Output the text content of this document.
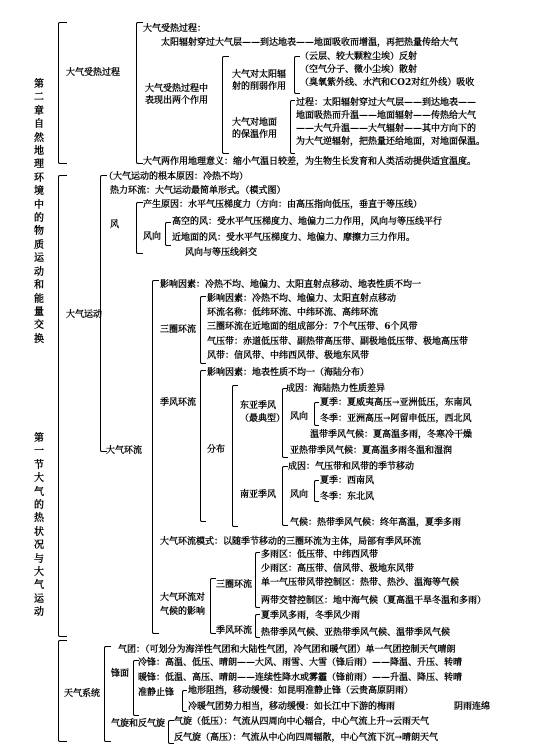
第二章自然地理环境中的物质运动和能量交换
第一节大气的热状况与大气运动
大气受热过程
大气运动
天气系统
大气受热过程：
太阳辐射穿过大气层——到达地表——地面吸收而增温，再把热量传给大气
大气受热过程中
表现出两个作用
大气对太阳辐
射的削弱作用
（云层、较大颗粒尘埃）反射
（空气分子、微小尘埃）散射
（臭氧紫外线、水汽和CO2对红外线）吸收
大气对地面
的保温作用
过程：太阳辐射穿过大气层——到达地表——
地面吸热而升温——地面辐射——传热给大气
——大气升温——大气辐射——其中方向下的
为大气逆辐射，把热量还给地面，对地面保温。
大气两作用地理意义：缩小气温日较差，为生物生长发育和人类活动提供适宜温度。
（大气运动的根本原因：冷热不均）
热力环流：大气运动最简单形式。（模式图）
风
产生原因：水平气压梯度力（方向：由高压指向低压，垂直于等压线）
风向
高空的风：受水平气压梯度力、地偏力二力作用，风向与等压线平行
近地面的风：受水平气压梯度力、地偏力、摩擦力三力作用。
风向与等压线斜交
大气环流
影响因素：冷热不均、地偏力、太阳直射点移动、地表性质不均一
三圈环流
影响因素：冷热不均、地偏力、太阳直射点移动
环流名称：低纬环流、中纬环流、高纬环流
三圈环流在近地面的组成部分：7个气压带、6个风带
气压带：赤道低压带、副热带高压带、副极地低压带、极地高压带
风带：信风带、中纬西风带、极地东风带
季风环流
影响因素：地表性质不均一（海陆分布）
分布
东亚季风
（最典型）
成因：海陆热力性质差异
风向
夏季：夏威夷高压→亚洲低压，东南风
冬季：亚洲高压→阿留申低压，西北风
温带季风气候：夏高温多雨，冬寒冷干燥
亚热带季风气候：夏高温多雨冬温和湿润
南亚季风
成因：气压带和风带的季节移动
风向
夏季：西南风
冬季：东北风
气候：热带季风气候：终年高温，夏季多雨
大气环流模式：以随季节移动的三圈环流为主体，局部有季风环流
大气环流对
气候的影响
三圈环流
多雨区：低压带、中纬西风带
少雨区：高压带、信风带、极地东风带
单一气压带风带控制区：热带、热沙、温海等气候
两带交替控制区：地中海气候（夏高温干旱冬温和多雨）
季风环流
夏季风多雨，冬季风少雨
热带季风气候、亚热带季风气候、温带季风气候
锋面
气团：（可划分为海洋性气团和大陆性气团，冷气团和暖气团）单一气团控制天气晴朗
冷锋：高温、低压、晴朗——大风、雨雪、大雪（锋后雨）——降温、升压、转晴
暖锋：低温、高压、晴朗——连续性降水或雾霾（锋前雨）——升温、降压、转晴
准静止锋 地形阻挡，移动缓慢：如昆明准静止锋（云贵高原阴雨）
冷暖气团势力相当，移动缓慢：如长江中下游的梅雨	阴雨连绵
气旋和反气旋 气旋（低压）：气流从四周向中心辐合，中心气流上升→云雨天气
反气旋（高压）：气流从中心向四周辐散，中心气流下沉→晴朗天气
